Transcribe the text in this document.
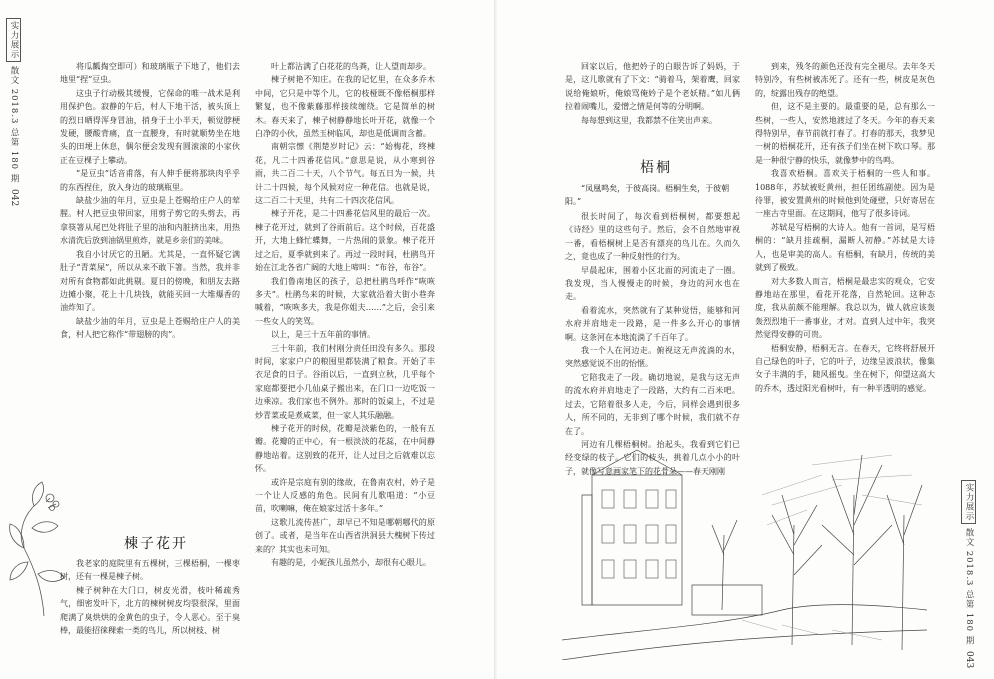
实力展示
散文 2018.3 总第 180 期
042

将瓜瓤掏空即可）和玻璃瓶子下地了，他们去地里“捏”豆虫。

这虫子行动极其缓慢，它保命的唯一战术是利用保护色。寂静的午后，村人下地干活，被头顶上的烈日晒得浑身冒油，捎身于土小半天，顿觉脖梗发硬，腰酸背痛，直一直腰身，有时就顺势坐在地头的田埂上休息，偶尔便会发现有圆滚滚的小家伙正在豆棵子上攀动。

“是豆虫”话音甫落，有人伸手便将那块肉乎乎的东西捏住，放入身边的玻璃瓶里。

缺盐少油的年月，豆虫是上苍赐给庄户人的荤腥。村人把豆虫带回家，用剪子剪它的头剪去，再拿筷箸从尾巴处将肚子里的油和内脏挤出来，用热水清洗后放到油锅里煎炸，就是乡亲们的美味。

我自小讨厌它的丑陋。尤其是，一直怀疑它满肚子“青菜屎”，所以从来不敢下箸。当然，我并非对所有食物都如此挑剔。夏日的傍晚，和朋友去路边摊小聚，花上十几块钱，就能买回一大堆爆香的油炸知了。

缺盐少油的年月，豆虫是上苍赐给庄户人的美食，村人把它称作“带翅膀的肉”。

棟子花开

我老家的庭院里有五棵树，三棵梧桐，一棵枣树，还有一棵是棟子树。

棟子树种在大门口，树皮光滑，枝叶稀疏秀气，细密发叶下，北方的楝树树皮均裂很深，里面爬满了臭烘烘的金黄色的虫子，令人恶心。至于臭棒，最能招徕稞索一类的鸟儿，所以树枝、树

叶上都沾满了白花花的鸟粪，让人望而却步。

棟子树艳不知庄。在我的记忆里，在众多乔木中间，它只是中等个儿，它的枝桠既不像梧桐那样繁复，也不像紫藤那样接续缠绕。它是简单的树木。春天来了，棟子树静静地长叶开花，就像一个白净的小伙，虽然玉树临风，却也是低调而含蓄。

南朝宗懔《荆楚岁时记》云：“始梅花，终棟花，凡二十四番花信风。”意思是说，从小寒到谷雨，共二百二十天，八个节气。每五日为一候，共计二十四候，每个风候对应一种花信。也就是说，这二百二十天里，共有二十四次花信风。

棟子开花，是二十四番花信风里的最后一次。棟子花开过，就到了谷雨前后。这个时候，百花盛开，大地上蜂忙蝶舞，一片热闹的景象。棟子花开过之后，夏季就到来了。再过一段时间，杜鹃鸟开始在江北各省广阔的大地上啼叫：“布谷，布谷”。

我们鲁南地区的孩子，总把杜鹃鸟呼作“咴咴多夫”。杜鹃鸟来的时候，大家就沿着大街小巷奔喊着，“咴咴多夫，我是你姐夫……”之后，会引来一些女人的笑骂。

以上，是三十五年前的事情。

三十年前，我们村刚分责任田没有多久。那段时间，家家户户的粮囤里都装满了粮食。开始了丰衣足食的日子。谷雨以后，一直到立秋，几乎每个家庭都要把小几仙桌子搬出来，在门口一边吃饭一边乘凉。我们家也不例外。那时的饭桌上，不过是炒青菜或是煮咸菜，但一家人其乐融融。

棟子花开的时候，花瓣是淡紫色的，一般有五瓣。花瓣的正中心，有一根淡淡的花蕊，在中间静静地站着。这别致的花开，让人过目之后就难以忘怀。

或许是宗庭有别的缘故，在鲁南农村，妗子是一个让人反感的角色。民间有儿歌唱道：“小豆苗，吹喇嘛，俺在娘家过活十多年。”

这歌儿流传甚广，却早已不知是哪朝哪代的原创了。或者，是当年在山西省洪洞县大槐树下传过来的？其实也未可知。

有趣的是，小妮孩儿虽然小，却很有心眼儿。

回家以后，他把妗子的白眼告诉了妈妈，于是，这儿歌就有了下文：“骑着马，架着鹰，回家说给俺娘听，俺娘骂俺妗子是个老妖精。”如儿俩拉着闹嘴儿，爱憎之情是何等的分明啊。

每每想到这里，我都禁不住笑出声来。

梧桐
“凤凰鸣矣，于彼高岗。梧桐生矣，于彼朝阳。”

很长时间了，每次看到梧桐树，都要想起《诗经》里的这些句子。然后，会不自然地审视一番，看梧桐树上是否有漂亮的鸟儿在。久而久之，竟也成了一种反射性的行为。

早晨起床，围着小区北面的河流走了一圈。我发现，当人慢慢走的时候，身边的河水也在走。

看着流水，突然就有了某种觉悟，能够和河水府并肩地走一段路，是一件多么开心的事情啊。这条河在本地流淌了千百年了。

我一个人在河边走。俯视这无声流淌的水，突然感觉说不出的怡惬。

它陪我走了一段。确切地说，是我与这无声的流水府并肩地走了一段路，大约有二百米吧。过去，它陪着很多人走，今后，同样会遇到很多人，所不同的，无非到了哪个时候，我们就不存在了。

河边有几棵梧桐树。抬起头，我看到它们已经变绿的枝子。它们的枝头，挑着几点小小的叶子，就像写意画家笔下的花骨朵——春天刚刚

到来，残冬的颜色还没有完全褪尽。去年冬天特别冷，有些树被冻死了。还有一些，树皮是灰色的，绽露出残存的绝望。

但，这不是主要的。最重要的是，总有那么一些树，一些人，安然地渡过了冬天。今年的春天来得特别早，春节前就打春了。打春的那天，我梦见一树的梧桐花开，还有孩子们坐在树下吹口琴。那是一种很宁静的快乐，就像梦中的鸟鸣。

我喜欢梧桐。喜欢关于梧桐的一些人和事。1088年，苏轼被贬黄州，担任团练副使。因为是待罪，被安置黄州的时候他到处碰壁，只好寄居在一座古寺里面。在这期间，他写了很多诗词。

苏轼是写梧桐的大诗人。他有一首词，是写梧桐的：“缺月挂疏桐，漏断人初静。”苏轼是大诗人，也是审美的高人。有梧桐，有缺月，传统的美就到了极致。

对大多数人而言，梧桐是最忠实的观众，它安静地站在那里，看花开花落，自然轮回。这种态度，我从前颇不能理解。我总以为，做人就应该轰轰烈烈地干一番事业，才对。直到人过中年，我突然觉得安静的可贵。

梧桐安静，梧桐无言。在春天，它终将舒展开自己绿色的叶子，它的叶子，边缘呈波浪状，像集女子丰满的手，随风摇曳。坐在树下，仰望这高大的乔木，透过阳光看树叶，有一种半透明的感觉。

实力展示
散文 2018.3 总第 180 期
043
